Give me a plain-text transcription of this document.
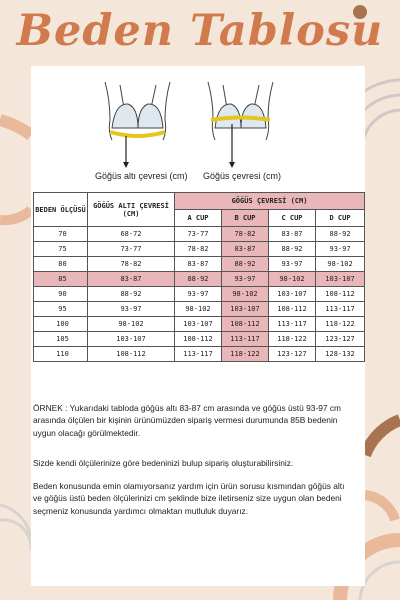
Beden Tablosu
Göğüs altı çevresi (cm) Göğüs çevresi (cm)
BEDEN ÖLÇÜSÜ	GÖĞÜS ALTI ÇEVRESİ (CM)	GÖĞÜS ÇEVRESİ (CM)			
		A CUP	B CUP	C CUP	D CUP
70	68-72	73-77	78-82	83-87	88-92
75	73-77	78-82	83-87	88-92	93-97
80	78-82	83-87	88-92	93-97	98-102
85	83-87	88-92	93-97	98-102	103-107
90	88-92	93-97	98-102	103-107	108-112
95	93-97	98-102	103-107	108-112	113-117
100	98-102	103-107	108-112	113-117	118-122
105	103-107	108-112	113-117	118-122	123-127
110	108-112	113-117	118-122	123-127	128-132

ÖRNEK : Yukarıdaki tabloda göğüs altı 83-87 cm arasında ve göğüs üstü 93-97 cm arasında ölçülen bir kişinin ürünümüzden sipariş vermesi durumunda 85B bedenin uygun olacağı görülmektedir.

Sizde kendi ölçülerinize göre bedeninizi bulup sipariş oluşturabilirsiniz.

Beden konusunda emin olamıyorsanız yardım için ürün sorusu kısmından göğüs altı ve göğüs üstü beden ölçülerinizi cm şeklinde bize iletirseniz size uygun olan bedeni seçmeniz konusunda yardımcı olmaktan mutluluk duyarız.
